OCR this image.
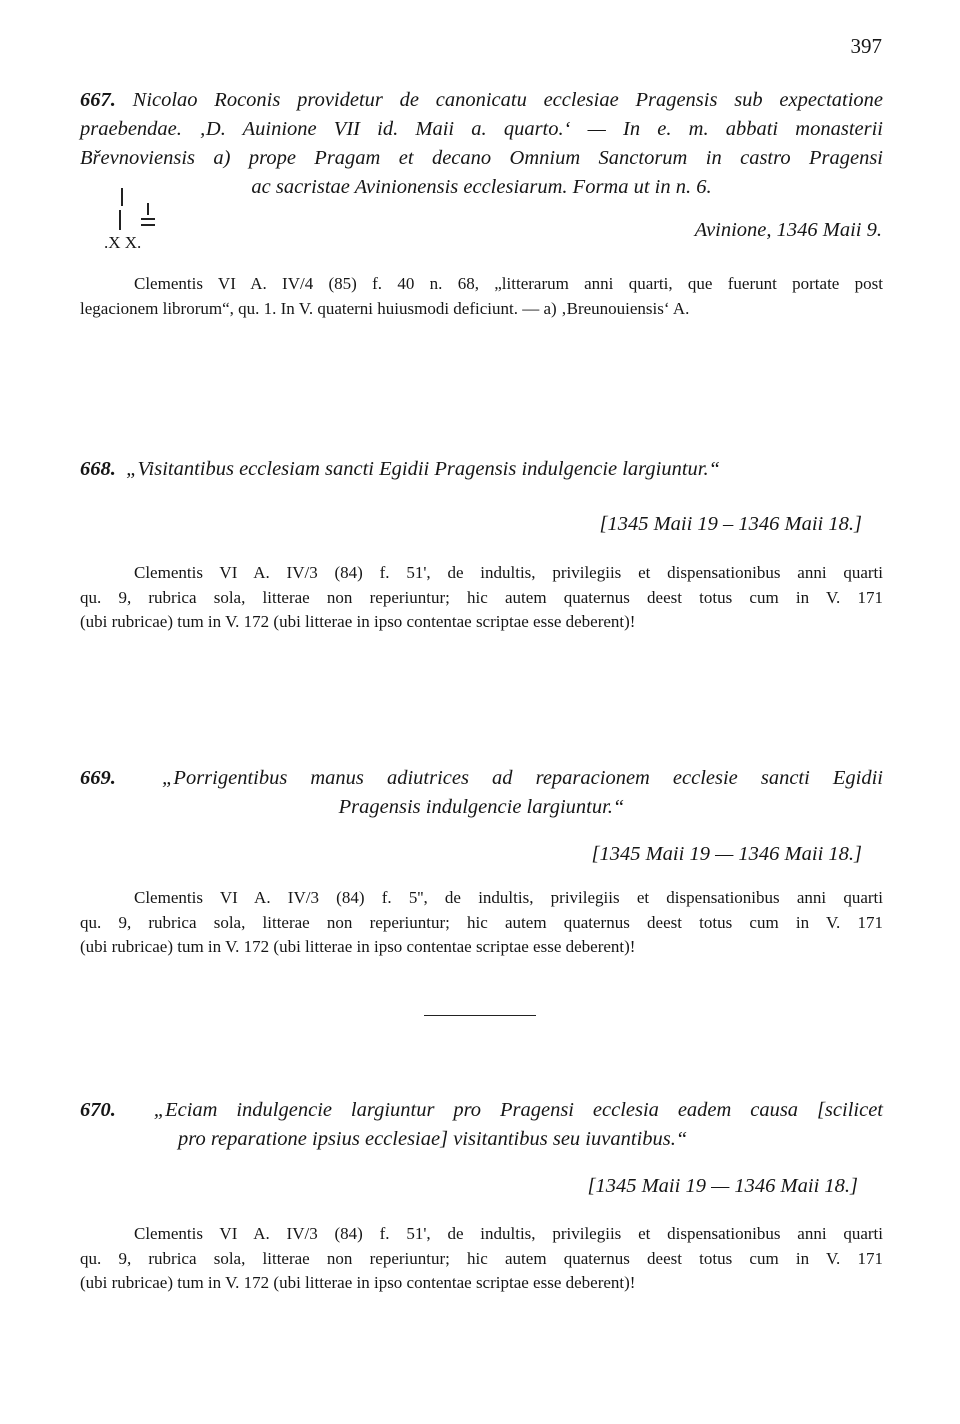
397
667. Nicolao Roconis providetur de canonicatu ecclesiae Pragensis sub expectatione
praebendae. ‚D. Auinione VII id. Maii a. quarto.‘ — In e. m. abbati monasterii
Břevnoviensis a) prope Pragam et decano Omnium Sanctorum in castro Pragensi
ac sacristae Avinionensis ecclesiarum. Forma ut in n. 6.
.X X.
Avinione, 1346 Maii 9.
Clementis VI A. IV/4 (85) f. 40 n. 68, „litterarum anni quarti, que fuerunt portate post
legacionem librorum“, qu. 1. In V. quaterni huiusmodi deficiunt. — a) ‚Breunouiensis‘ A.
668. „Visitantibus ecclesiam sancti Egidii Pragensis indulgencie largiuntur.“
[1345 Maii 19 – 1346 Maii 18.]
Clementis VI A. IV/3 (84) f. 51', de indultis, privilegiis et dispensationibus anni quarti
qu. 9, rubrica sola, litterae non reperiuntur; hic autem quaternus deest totus cum in V. 171
(ubi rubricae) tum in V. 172 (ubi litterae in ipso contentae scriptae esse deberent)!
669. „Porrigentibus manus adiutrices ad reparacionem ecclesie sancti Egidii
Pragensis indulgencie largiuntur.“
[1345 Maii 19 — 1346 Maii 18.]
Clementis VI A. IV/3 (84) f. 5'', de indultis, privilegiis et dispensationibus anni quarti
qu. 9, rubrica sola, litterae non reperiuntur; hic autem quaternus deest totus cum in V. 171
(ubi rubricae) tum in V. 172 (ubi litterae in ipso contentae scriptae esse deberent)!
670. „Eciam indulgencie largiuntur pro Pragensi ecclesia eadem causa [scilicet
pro reparatione ipsius ecclesiae] visitantibus seu iuvantibus.“
[1345 Maii 19 — 1346 Maii 18.]
Clementis VI A. IV/3 (84) f. 51', de indultis, privilegiis et dispensationibus anni quarti
qu. 9, rubrica sola, litterae non reperiuntur; hic autem quaternus deest totus cum in V. 171
(ubi rubricae) tum in V. 172 (ubi litterae in ipso contentae scriptae esse deberent)!
